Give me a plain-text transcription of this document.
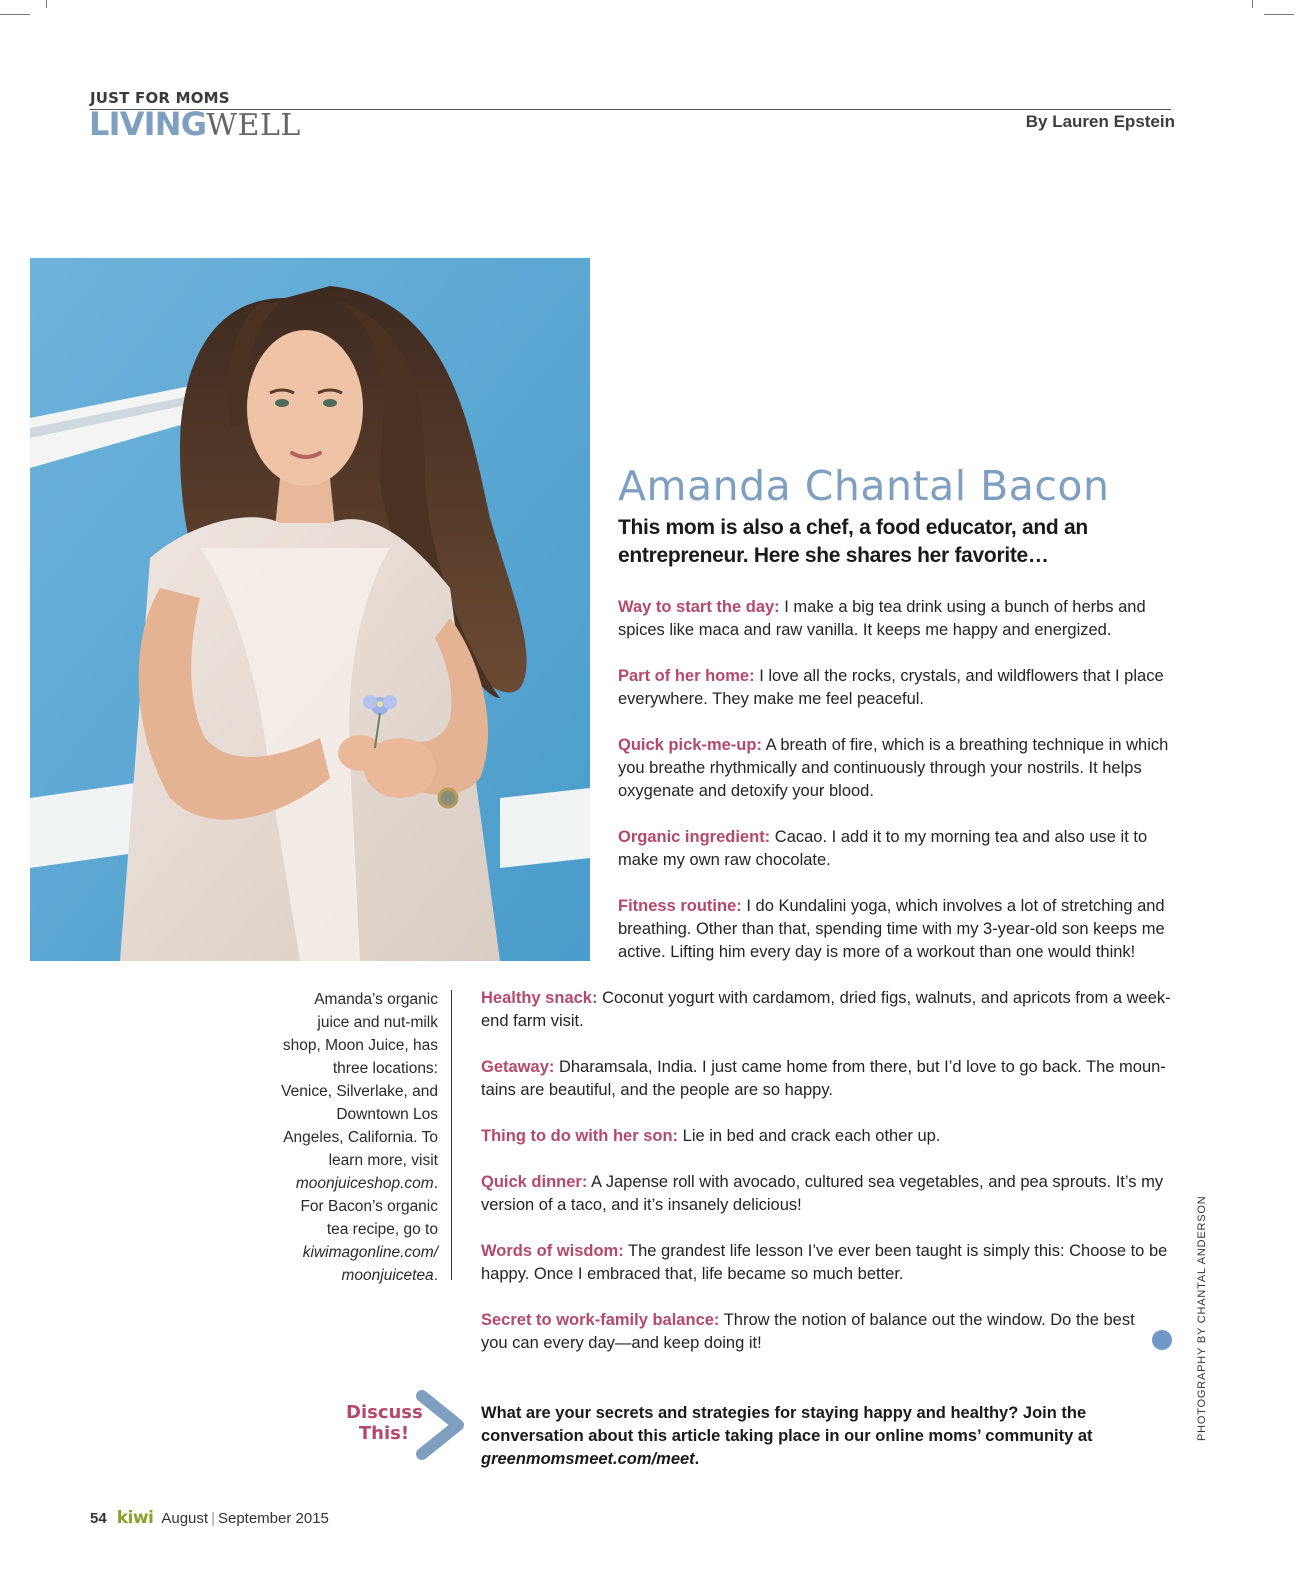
JUST FOR MOMS
LIVINGWELL	By Lauren Epstein
Amanda Chantal Bacon
This mom is also a chef, a food educator, and an entrepreneur. Here she shares her favorite…
Way to start the day: I make a big tea drink using a bunch of herbs and spices like maca and raw vanilla. It keeps me happy and energized.
Part of her home: I love all the rocks, crystals, and wildflowers that I place everywhere. They make me feel peaceful.
Quick pick-me-up: A breath of fire, which is a breathing technique in which you breathe rhythmically and continuously through your nostrils. It helps oxygenate and detoxify your blood.
Organic ingredient: Cacao. I add it to my morning tea and also use it to make my own raw chocolate.
Fitness routine: I do Kundalini yoga, which involves a lot of stretching and breathing. Other than that, spending time with my 3-year-old son keeps me active. Lifting him every day is more of a workout than one would think!
Healthy snack: Coconut yogurt with cardamom, dried figs, walnuts, and apricots from a week-end farm visit.
Getaway: Dharamsala, India. I just came home from there, but I’d love to go back. The moun-tains are beautiful, and the people are so happy.
Thing to do with her son: Lie in bed and crack each other up.
Quick dinner: A Japense roll with avocado, cultured sea vegetables, and pea sprouts. It’s my version of a taco, and it’s insanely delicious!
Words of wisdom: The grandest life lesson I’ve ever been taught is simply this: Choose to be happy. Once I embraced that, life became so much better.
Secret to work-family balance: Throw the notion of balance out the window. Do the best you can every day—and keep doing it!
Amanda’s organic juice and nut-milk shop, Moon Juice, has three locations: Venice, Silverlake, and Downtown Los Angeles, California. To learn more, visit moonjuiceshop.com. For Bacon’s organic tea recipe, go to kiwimagonline.com/ moonjuicetea.	PHOTOGRAPHY BY CHANTAL ANDERSON
Discuss
This!
What are your secrets and strategies for staying happy and healthy? Join the conversation about this article taking place in our online moms’ community at greenmomsmeet.com/meet.
54 kiwi August | September 2015
